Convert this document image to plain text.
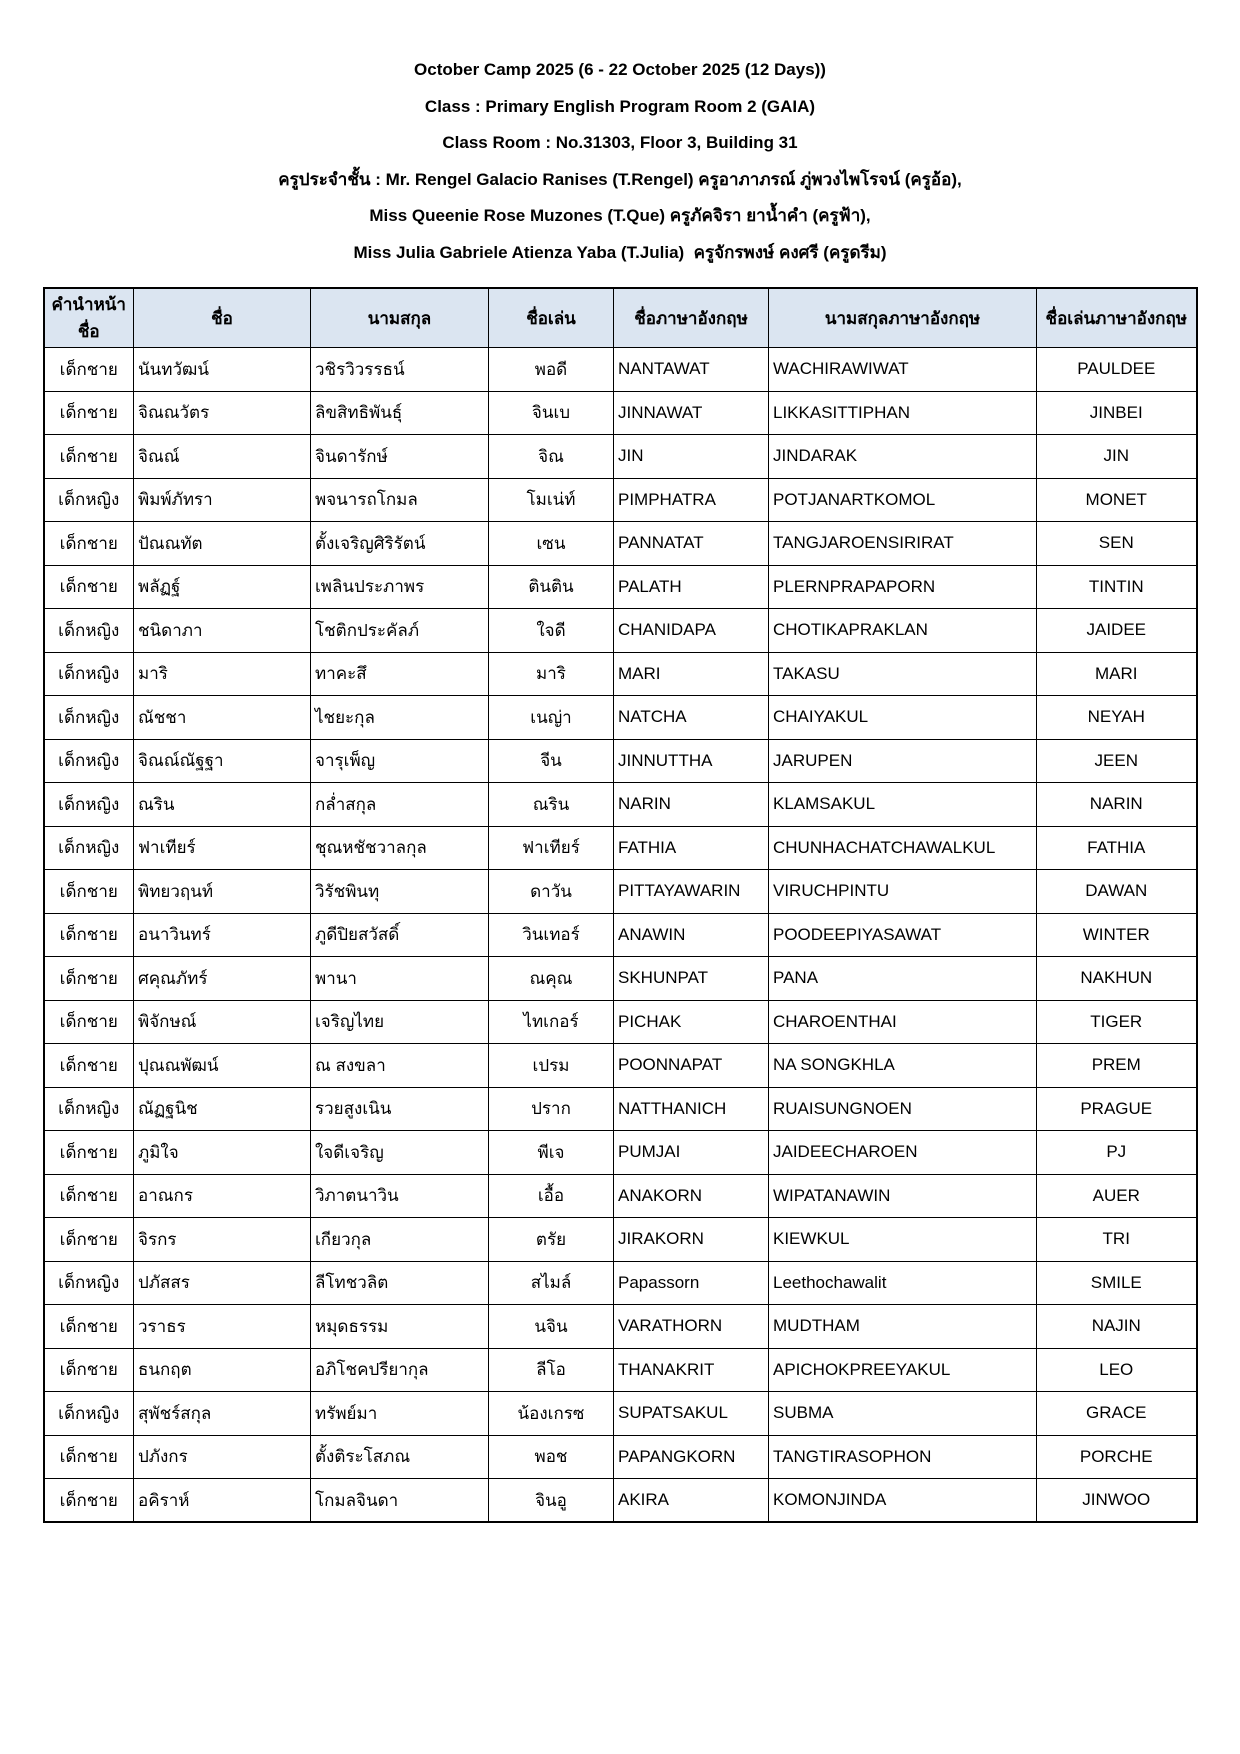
October Camp 2025 (6 - 22 October 2025 (12 Days))
Class : Primary English Program Room 2 (GAIA)
Class Room : No.31303, Floor 3, Building 31
ครูประจำชั้น : Mr. Rengel Galacio Ranises (T.Rengel) ครูอาภาภรณ์ ภู่พวงไพโรจน์ (ครูอ้อ),
Miss Queenie Rose Muzones (T.Que) ครูภัคจิรา ยาน้ำคำ (ครูฟ้า),
Miss Julia Gabriele Atienza Yaba (T.Julia)  ครูจักรพงษ์ คงศรี (ครูดรีม)
คำนำหน้าชื่อ	ชื่อ	นามสกุล	ชื่อเล่น	ชื่อภาษาอังกฤษ	นามสกุลภาษาอังกฤษ	ชื่อเล่นภาษาอังกฤษ
เด็กชาย	นันทวัฒน์	วชิรวิวรรธน์	พอดี	NANTAWAT	WACHIRAWIWAT	PAULDEE
เด็กชาย	จิณณวัตร	ลิขสิทธิพันธุ์	จินเบ	JINNAWAT	LIKKASITTIPHAN	JINBEI
เด็กชาย	จิณณ์	จินดารักษ์	จิณ	JIN	JINDARAK	JIN
เด็กหญิง	พิมพ์ภัทรา	พจนารถโกมล	โมเน่ท์	PIMPHATRA	POTJANARTKOMOL	MONET
เด็กชาย	ปัณณทัต	ตั้งเจริญศิริรัตน์	เซน	PANNATAT	TANGJAROENSIRIRAT	SEN
เด็กชาย	พลัฏฐ์	เพลินประภาพร	ตินติน	PALATH	PLERNPRAPAPORN	TINTIN
เด็กหญิง	ชนิดาภา	โชติกประคัลภ์	ใจดี	CHANIDAPA	CHOTIKAPRAKLAN	JAIDEE
เด็กหญิง	มาริ	ทาคะสึ	มาริ	MARI	TAKASU	MARI
เด็กหญิง	ณัชชา	ไชยะกุล	เนญ่า	NATCHA	CHAIYAKUL	NEYAH
เด็กหญิง	จิณณ์ณัฐฐา	จารุเพ็ญ	จีน	JINNUTTHA	JARUPEN	JEEN
เด็กหญิง	ณริน	กล่ำสกุล	ณริน	NARIN	KLAMSAKUL	NARIN
เด็กหญิง	ฟาเทียร์	ชุณหชัชวาลกุล	ฟาเทียร์	FATHIA	CHUNHACHATCHAWALKUL	FATHIA
เด็กชาย	พิทยวฤนท์	วิรัชพินทุ	ดาวัน	PITTAYAWARIN	VIRUCHPINTU	DAWAN
เด็กชาย	อนาวินทร์	ภูดีปิยสวัสดิ์	วินเทอร์	ANAWIN	POODEEPIYASAWAT	WINTER
เด็กชาย	ศคุณภัทร์	พานา	ณคุณ	SKHUNPAT	PANA	NAKHUN
เด็กชาย	พิจักษณ์	เจริญไทย	ไทเกอร์	PICHAK	CHAROENTHAI	TIGER
เด็กชาย	ปุณณพัฒน์	ณ สงขลา	เปรม	POONNAPAT	NA SONGKHLA	PREM
เด็กหญิง	ณัฏฐนิช	รวยสูงเนิน	ปราก	NATTHANICH	RUAISUNGNOEN	PRAGUE
เด็กชาย	ภูมิใจ	ใจดีเจริญ	พีเจ	PUMJAI	JAIDEECHAROEN	PJ
เด็กชาย	อาณกร	วิภาตนาวิน	เอื้อ	ANAKORN	WIPATANAWIN	AUER
เด็กชาย	จิรกร	เกียวกุล	ตรัย	JIRAKORN	KIEWKUL	TRI
เด็กหญิง	ปภัสสร	ลีโทชวลิต	สไมล์	Papassorn	Leethochawalit	SMILE
เด็กชาย	วราธร	หมุดธรรม	นจิน	VARATHORN	MUDTHAM	NAJIN
เด็กชาย	ธนกฤต	อภิโชคปรียากุล	ลีโอ	THANAKRIT	APICHOKPREEYAKUL	LEO
เด็กหญิง	สุพัชร์สกุล	ทรัพย์มา	น้องเกรซ	SUPATSAKUL	SUBMA	GRACE
เด็กชาย	ปภังกร	ตั้งติระโสภณ	พอช	PAPANGKORN	TANGTIRASOPHON	PORCHE
เด็กชาย	อคิราห์	โกมลจินดา	จินอู	AKIRA	KOMONJINDA	JINWOO
